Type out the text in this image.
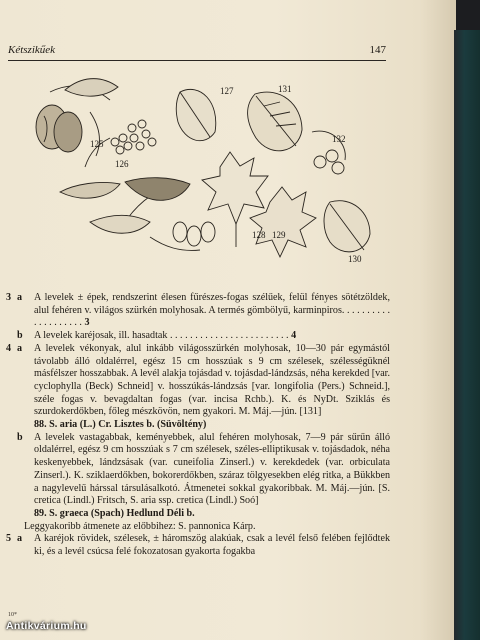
Kétszikűek	147
125
126
127	131
132
128 129
130
3 a A levelek ± épek, rendszerint élesen fűrészes-fogas szélűek, felül fényes sötétzöldek, alul fehéren v. világos szürkén molyhosak. A termés gömbölyű, karminpiros. . . . . . . . . . . . . . . . . . . . 3

b A levelek karéjosak, ill. hasadtak . . . . . . . . . . . . . . . . . . . . . . . . 4

4 a A levelek vékonyak, alul inkább világosszürkén molyhosak, 10—30 pár egymástól távolabb álló oldalérrel, egész 15 cm hosszúak s 9 cm szélesek, szélességüknél másfélszer hosszabbak. A levél alakja tojásdad v. tojásdad-lándzsás, néha kerekded [var. cyclophylla (Beck) Schneid] v. hosszúkás-lándzsás [var. longifolia (Pers.) Schneid.], széle fogas v. bevagdaltan fogas (var. incisa Rchb.). K. és NyDt. Sziklás és szurdokerdőkben, főleg mészkövön, nem gyakori. M. Máj.—jún. [131]

88. S. aria (L.) Cr. Lisztes b. (Süvöltény)

b A levelek vastagabbak, keményebbek, alul fehéren molyhosak, 7—9 pár sűrűn álló oldalérrel, egész 9 cm hosszúak s 7 cm szélesek, széles-elliptikusak v. tojásdadok, néha keskenyebbek, lándzsásak (var. cuneifolia Zinserl.) v. kerekdedek (var. orbiculata Zinserl.). K. sziklaerdőkben, bokorerdőkben, száraz tölgyesekben elég ritka, a Bükkben a nagylevelű hárssal társulásalkotó. Átmenetei sokkal gyakoribbak. M. Máj.—jún. [S. cretica (Lindl.) Fritsch, S. aria ssp. cretica (Lindl.) Soó]

89. S. graeca (Spach) Hedlund Déli b.

Leggyakoribb átmenete az előbbihez: S. pannonica Kárp.

5 a A karéjok rövidek, szélesek, ± háromszög alakúak, csak a levél felső felében fejlődtek ki, és a levél csúcsa felé fokozatosan gyakorta fogakba

10*
Antikvárium.hu
